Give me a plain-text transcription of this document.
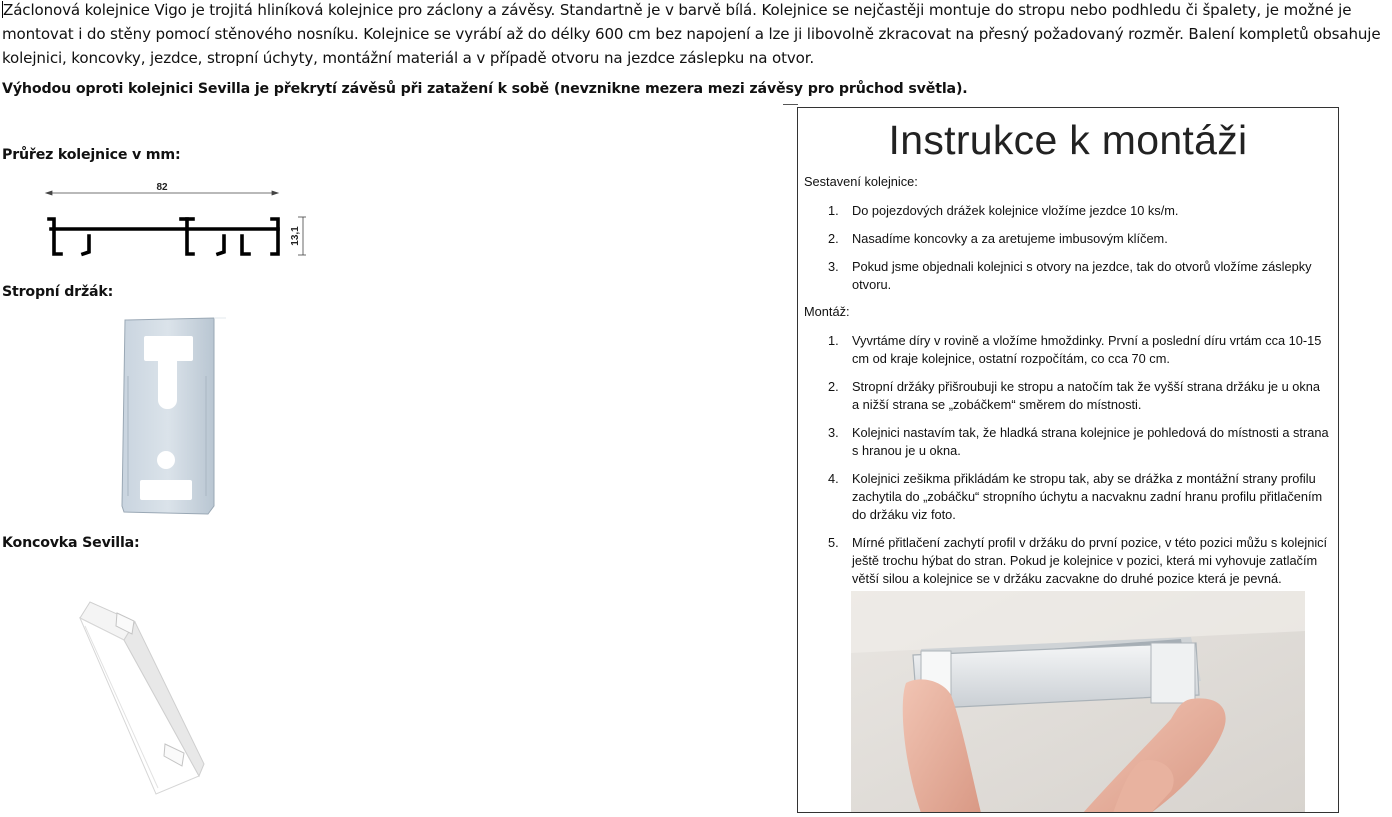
Záclonová kolejnice Vigo je trojitá hliníková kolejnice pro záclony a závěsy. Standartně je v barvě bílá. Kolejnice se nejčastěji montuje do stropu nebo podhledu či špalety, je možné je montovat i do stěny pomocí stěnového nosníku. Kolejnice se vyrábí až do délky 600 cm bez napojení a lze ji libovolně zkracovat na přesný požadovaný rozměr. Balení kompletů obsahuje kolejnici, koncovky, jezdce, stropní úchyty, montážní materiál a v případě otvoru na jezdce záslepku na otvor.

Výhodou oproti kolejnici Sevilla je překrytí závěsů při zatažení k sobě (nevznikne mezera mezi závěsy pro průchod světla).

Průřez kolejnice v mm:

82
13,1

Stropní držák:

Koncovka Sevilla:

Instrukce k montáži

Sestavení kolejnice:

1. Do pojezdových drážek kolejnice vložíme jezdce 10 ks/m.
2. Nasadíme koncovky a za aretujeme imbusovým klíčem.
3. Pokud jsme objednali kolejnici s otvory na jezdce, tak do otvorů vložíme záslepky otvoru.

Montáž:

1. Vyvrtáme díry v rovině a vložíme hmoždinky. První a poslední díru vrtám cca 10-15 cm od kraje kolejnice, ostatní rozpočítám, co cca 70 cm.
2. Stropní držáky přišroubuji ke stropu a natočím tak že vyšší strana držáku je u okna a nižší strana se „zobáčkem“ směrem do místnosti.
3. Kolejnici nastavím tak, že hladká strana kolejnice je pohledová do místnosti a strana s hranou je u okna.
4. Kolejnici zešikma přikládám ke stropu tak, aby se drážka z montážní strany profilu zachytila do „zobáčku“ stropního úchytu a nacvaknu zadní hranu profilu přitlačením do držáku viz foto.
5. Mírné přitlačení zachytí profil v držáku do první pozice, v této pozici můžu s kolejnicí ještě trochu hýbat do stran. Pokud je kolejnice v pozici, která mi vyhovuje zatlačím větší silou a kolejnice se v držáku zacvakne do druhé pozice která je pevná.
